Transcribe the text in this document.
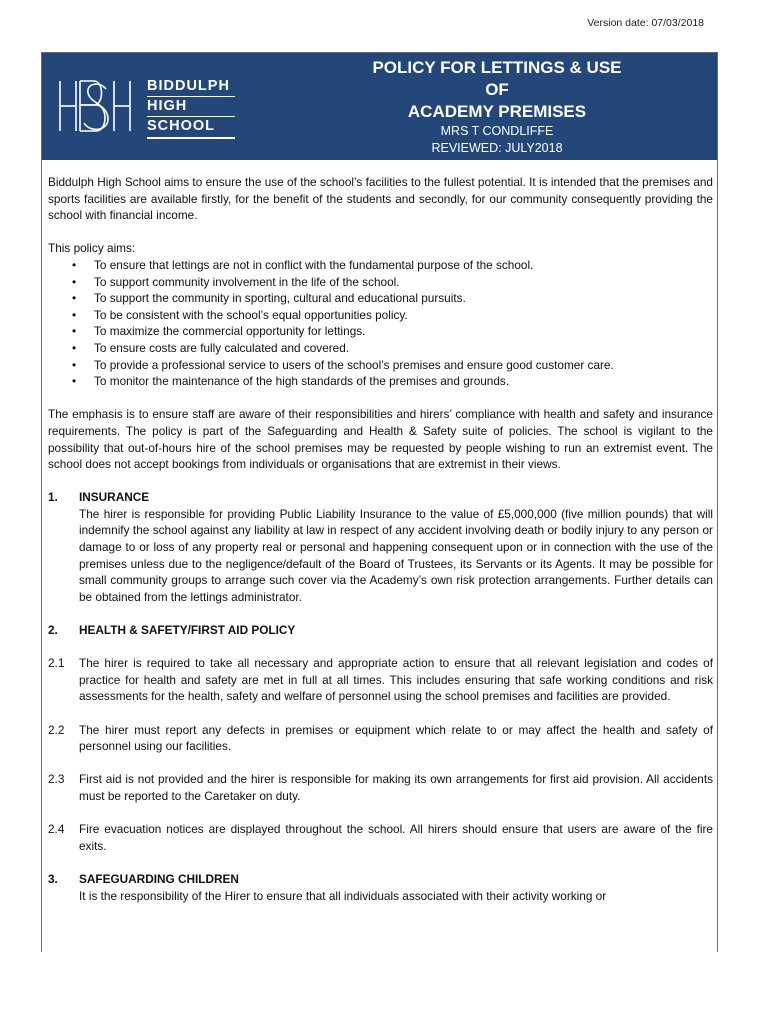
Version date: 07/03/2018
BIDDULPH
HIGH
SCHOOL
POLICY FOR LETTINGS & USE OF
ACADEMY PREMISES
MRS T CONDLIFFE
REVIEWED: JULY2018
REVIEW DATE: JULY 2019

Biddulph High School aims to ensure the use of the school’s facilities to the fullest potential. It is intended that the premises and sports facilities are available firstly, for the benefit of the students and secondly, for our community consequently providing the school with financial income.

This policy aims:

• To ensure that lettings are not in conflict with the fundamental purpose of the school.
• To support community involvement in the life of the school.
• To support the community in sporting, cultural and educational pursuits.
• To be consistent with the school’s equal opportunities policy.
• To maximize the commercial opportunity for lettings.
• To ensure costs are fully calculated and covered.
• To provide a professional service to users of the school’s premises and ensure good customer care.
• To monitor the maintenance of the high standards of the premises and grounds.

The emphasis is to ensure staff are aware of their responsibilities and hirers’ compliance with health and safety and insurance requirements. The policy is part of the Safeguarding and Health & Safety suite of policies. The school is vigilant to the possibility that out-of-hours hire of the school premises may be requested by people wishing to run an extremist event. The school does not accept bookings from individuals or organisations that are extremist in their views.

1.	INSURANCE
The hirer is responsible for providing Public Liability Insurance to the value of £5,000,000 (five million pounds) that will indemnify the school against any liability at law in respect of any accident involving death or bodily injury to any person or damage to or loss of any property real or personal and happening consequent upon or in connection with the use of the premises unless due to the negligence/default of the Board of Trustees, its Servants or its Agents. It may be possible for small community groups to arrange such cover via the Academy’s own risk protection arrangements. Further details can be obtained from the lettings administrator.
2.	HEALTH & SAFETY/FIRST AID POLICY
2.1	The hirer is required to take all necessary and appropriate action to ensure that all relevant legislation and codes of practice for health and safety are met in full at all times. This includes ensuring that safe working conditions and risk assessments for the health, safety and welfare of personnel using the school premises and facilities are provided.
2.2	The hirer must report any defects in premises or equipment which relate to or may affect the health and safety of personnel using our facilities.
2.3	First aid is not provided and the hirer is responsible for making its own arrangements for first aid provision. All accidents must be reported to the Caretaker on duty.
2.4	Fire evacuation notices are displayed throughout the school. All hirers should ensure that users are aware of the fire exits.
3.	SAFEGUARDING CHILDREN
It is the responsibility of the Hirer to ensure that all individuals associated with their activity working or
